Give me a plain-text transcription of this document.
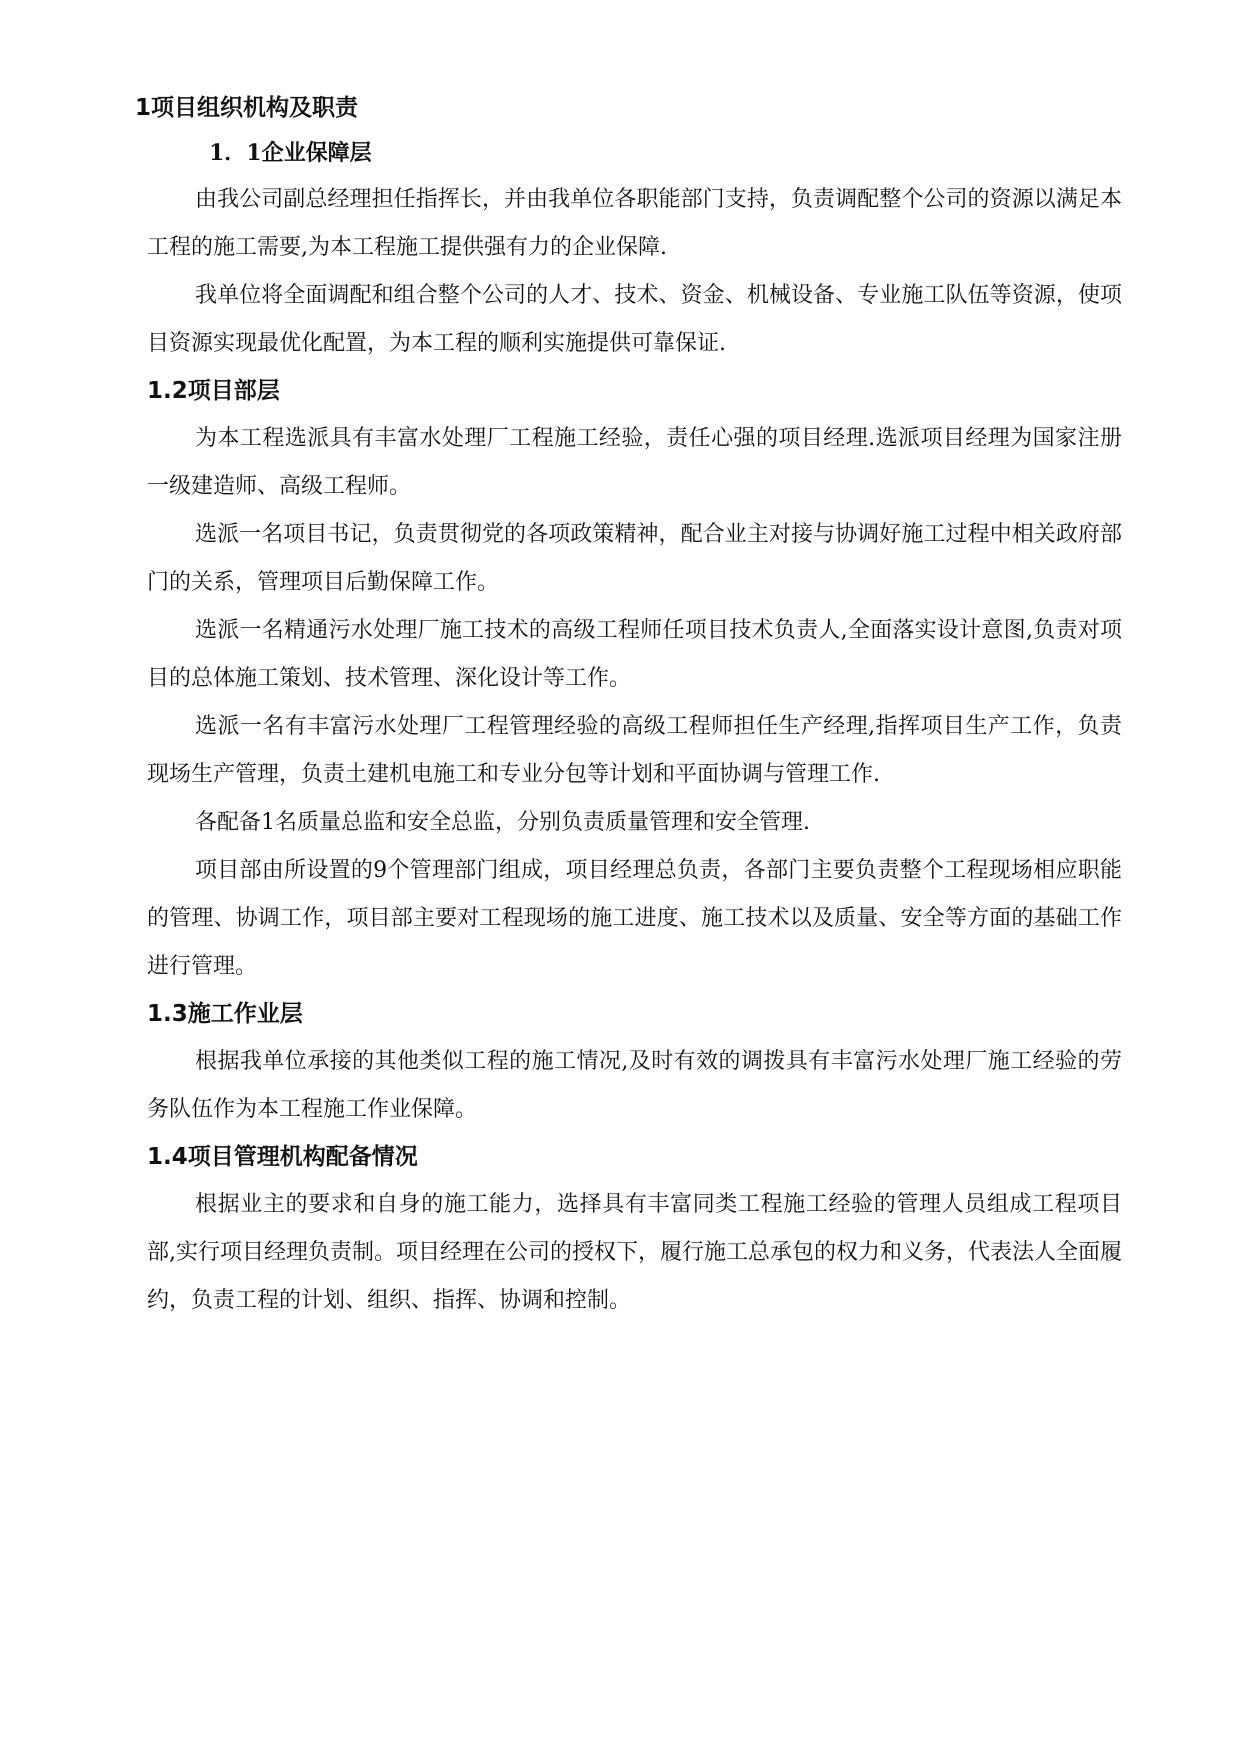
1项目组织机构及职责
1．1企业保障层

由我公司副总经理担任指挥长，并由我单位各职能部门支持，负责调配整个公司的资源以满足本工程的施工需要,为本工程施工提供强有力的企业保障.

我单位将全面调配和组合整个公司的人才、技术、资金、机械设备、专业施工队伍等资源，使项目资源实现最优化配置，为本工程的顺利实施提供可靠保证.

1.2项目部层

为本工程选派具有丰富水处理厂工程施工经验，责任心强的项目经理.选派项目经理为国家注册一级建造师、高级工程师。

选派一名项目书记，负责贯彻党的各项政策精神，配合业主对接与协调好施工过程中相关政府部门的关系，管理项目后勤保障工作。

选派一名精通污水处理厂施工技术的高级工程师任项目技术负责人,全面落实设计意图,负责对项目的总体施工策划、技术管理、深化设计等工作。

选派一名有丰富污水处理厂工程管理经验的高级工程师担任生产经理,指挥项目生产工作，负责现场生产管理，负责土建机电施工和专业分包等计划和平面协调与管理工作.

各配备1名质量总监和安全总监，分别负责质量管理和安全管理.

项目部由所设置的9个管理部门组成，项目经理总负责，各部门主要负责整个工程现场相应职能的管理、协调工作，项目部主要对工程现场的施工进度、施工技术以及质量、安全等方面的基础工作进行管理。

1.3施工作业层

根据我单位承接的其他类似工程的施工情况,及时有效的调拨具有丰富污水处理厂施工经验的劳务队伍作为本工程施工作业保障。

1.4项目管理机构配备情况

根据业主的要求和自身的施工能力，选择具有丰富同类工程施工经验的管理人员组成工程项目部,实行项目经理负责制。项目经理在公司的授权下，履行施工总承包的权力和义务，代表法人全面履约，负责工程的计划、组织、指挥、协调和控制。
